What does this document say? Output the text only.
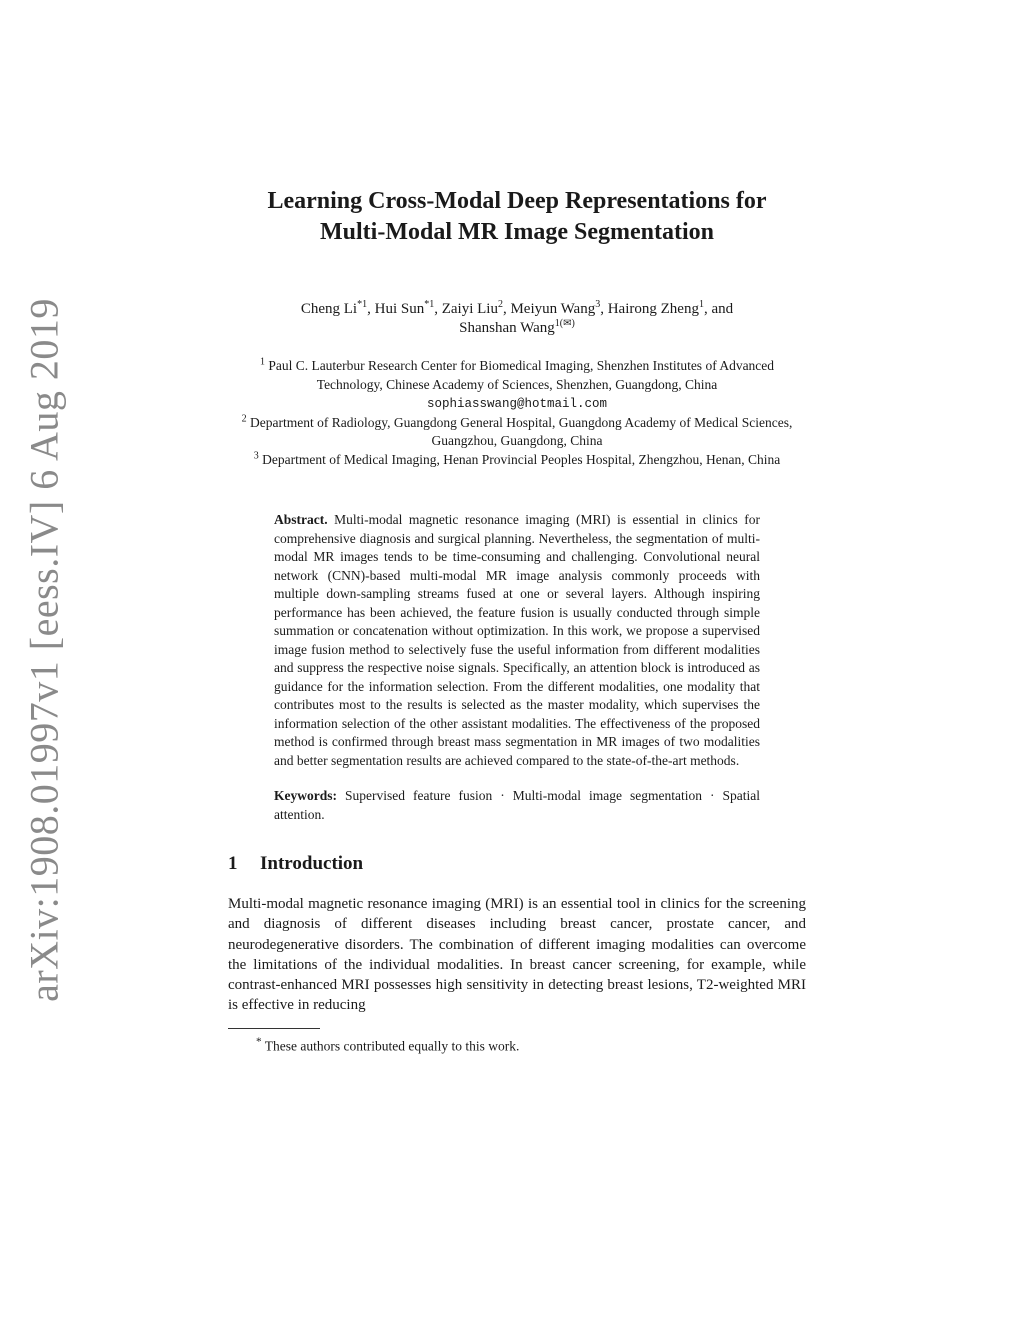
arXiv:1908.01997v1 [eess.IV] 6 Aug 2019
Learning Cross-Modal Deep Representations for
Multi-Modal MR Image Segmentation
Cheng Li$^{*1}$, Hui Sun$^{*1}$, Zaiyi Liu$^2$, Meiyun Wang$^3$, Hairong Zheng$^1$, and
Shanshan Wang$^{1(✉)}$
$^1$ Paul C. Lauterbur Research Center for Biomedical Imaging, Shenzhen Institutes of Advanced Technology, Chinese Academy of Sciences, Shenzhen, Guangdong, China
sophiasswang@hotmail.com
$^2$ Department of Radiology, Guangdong General Hospital, Guangdong Academy of Medical Sciences, Guangzhou, Guangdong, China
$^3$ Department of Medical Imaging, Henan Provincial Peoples Hospital, Zhengzhou, Henan, China
Abstract. Multi-modal magnetic resonance imaging (MRI) is essential in clinics for comprehensive diagnosis and surgical planning. Nevertheless, the segmentation of multi-modal MR images tends to be time-consuming and challenging. Convolutional neural network (CNN)-based multi-modal MR image analysis commonly proceeds with multiple down-sampling streams fused at one or several layers. Although inspiring performance has been achieved, the feature fusion is usually conducted through simple summation or concatenation without optimization. In this work, we propose a supervised image fusion method to selectively fuse the useful information from different modalities and suppress the respective noise signals. Specifically, an attention block is introduced as guidance for the information selection. From the different modalities, one modality that contributes most to the results is selected as the master modality, which supervises the information selection of the other assistant modalities. The effectiveness of the proposed method is confirmed through breast mass segmentation in MR images of two modalities and better segmentation results are achieved compared to the state-of-the-art methods.
Keywords: Supervised feature fusion · Multi-modal image segmentation · Spatial attention.
1 Introduction
Multi-modal magnetic resonance imaging (MRI) is an essential tool in clinics for the screening and diagnosis of different diseases including breast cancer, prostate cancer, and neurodegenerative disorders. The combination of different imaging modalities can overcome the limitations of the individual modalities. In breast cancer screening, for example, while contrast-enhanced MRI possesses high sensitivity in detecting breast lesions, T2-weighted MRI is effective in reducing
* These authors contributed equally to this work.
